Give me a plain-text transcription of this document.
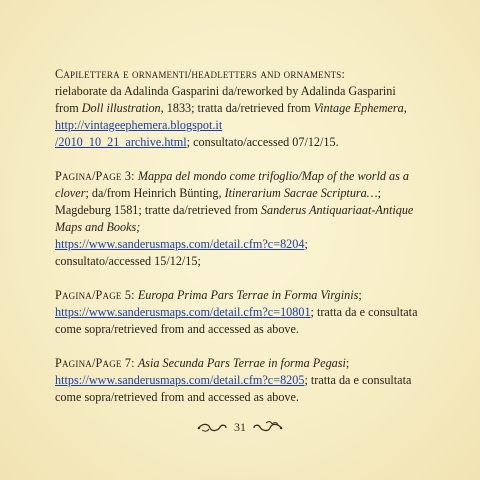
Capilettera e ornamenti/headletters and ornaments:
rielaborate da Adalinda Gasparini da/reworked by Adalinda Gasparini
from Doll illustration, 1833; tratta da/retrieved from Vintage Ephemera,
http://vintageephemera.blogspot.it
/2010_10_21_archive.html; consultato/accessed 07/12/15.
Pagina/Page 3: Mappa del mondo come trifoglio/Map of the world as a clover; da/from Heinrich Bünting, Itinerarium Sacrae Scriptura…; Magdeburg 1581; tratte da/retrieved from Sanderus Antiquariaat-Antique Maps and Books;
https://www.sanderusmaps.com/detail.cfm?c=8204;
consultato/accessed 15/12/15;
Pagina/Page 5: Europa Prima Pars Terrae in Forma Virginis;
https://www.sanderusmaps.com/detail.cfm?c=10801; tratta da e consultata come sopra/retrieved from and accessed as above.
Pagina/Page 7: Asia Secunda Pars Terrae in forma Pegasi;
https://www.sanderusmaps.com/detail.cfm?c=8205; tratta da e consultata come sopra/retrieved from and accessed as above.
31
